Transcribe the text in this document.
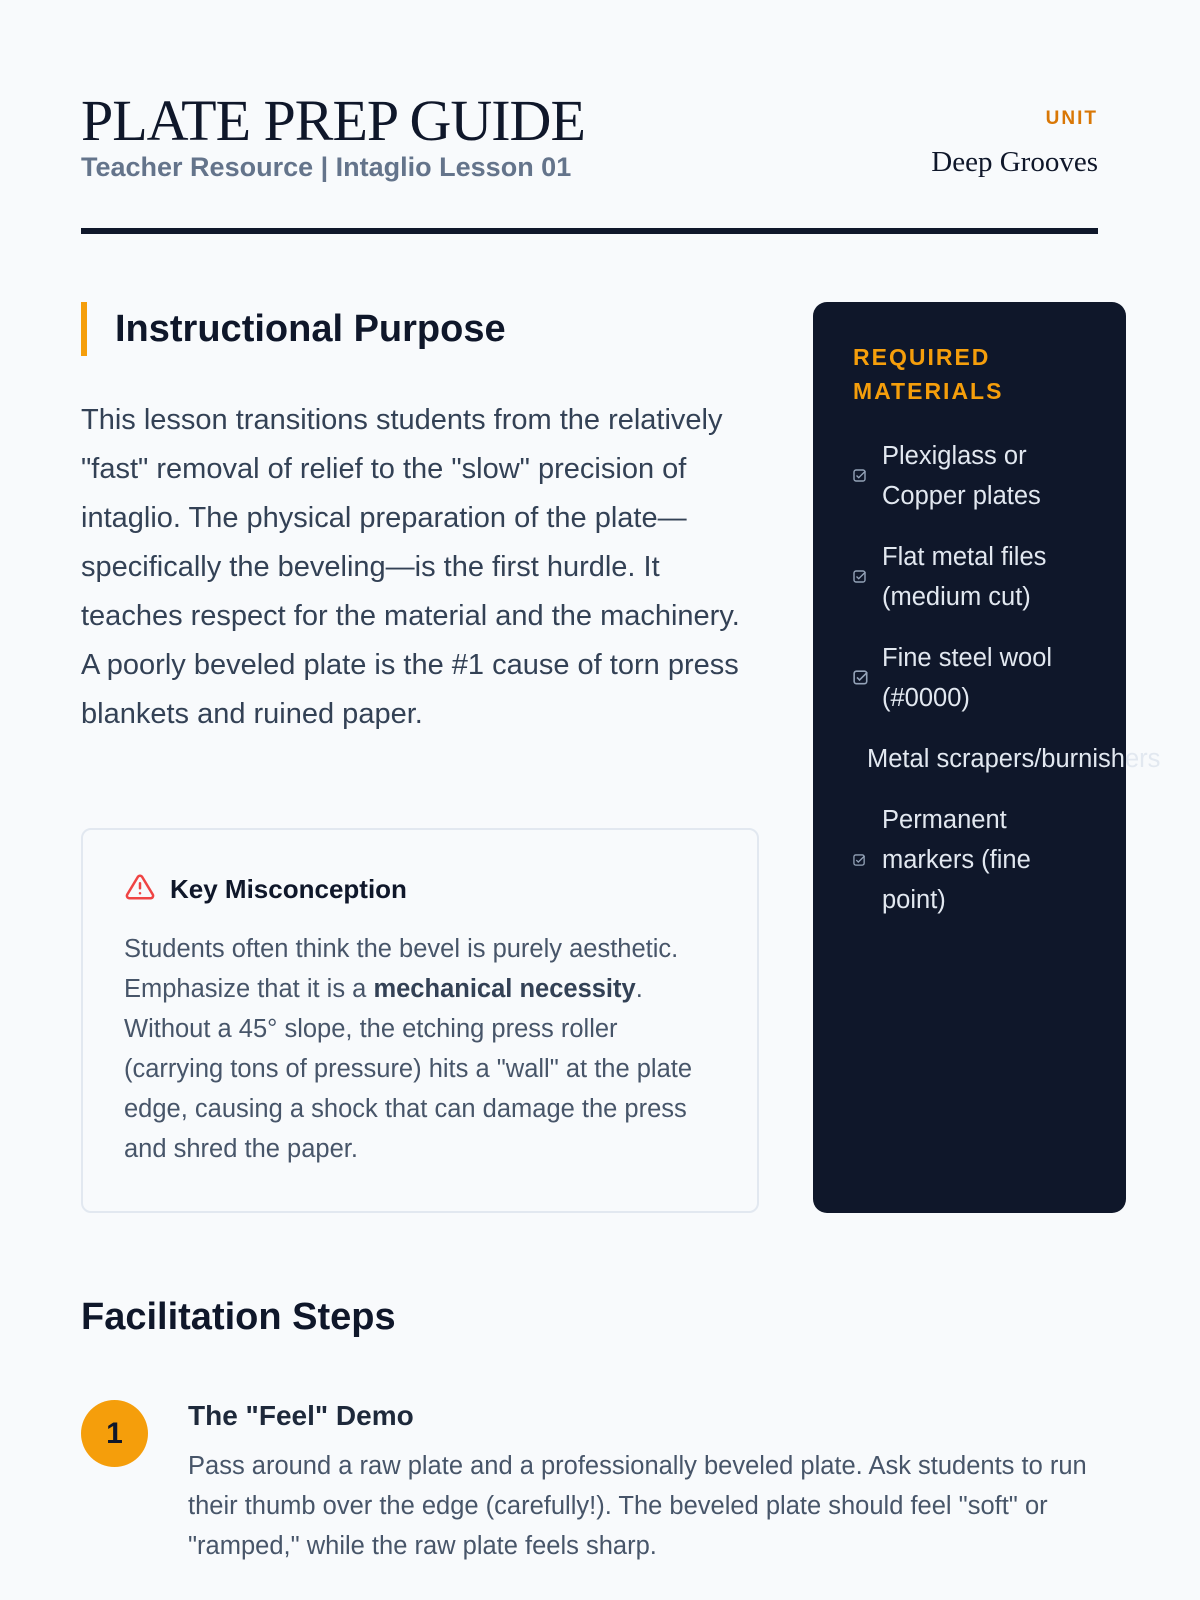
PLATE PREP GUIDE
Teacher Resource | Intaglio Lesson 01
UNIT
Deep Grooves
Instructional Purpose

This lesson transitions students from the relatively "fast" removal of relief to the "slow" precision of intaglio. The physical preparation of the plate—specifically the beveling—is the first hurdle. It teaches respect for the material and the machinery. A poorly beveled plate is the #1 cause of torn press blankets and ruined paper.

Key Misconception

Students often think the bevel is purely aesthetic. Emphasize that it is a mechanical necessity. Without a 45° slope, the etching press roller (carrying tons of pressure) hits a "wall" at the plate edge, causing a shock that can damage the press and shred the paper.

REQUIRED MATERIALS
Plexiglass or Copper plates
Flat metal files (medium cut)
Fine steel wool (#0000)
Metal scrapers/burnishers
Permanent markers (fine point)
Facilitation Steps
1
The "Feel" Demo

Pass around a raw plate and a professionally beveled plate. Ask students to run their thumb over the edge (carefully!). The beveled plate should feel "soft" or "ramped," while the raw plate feels sharp.
